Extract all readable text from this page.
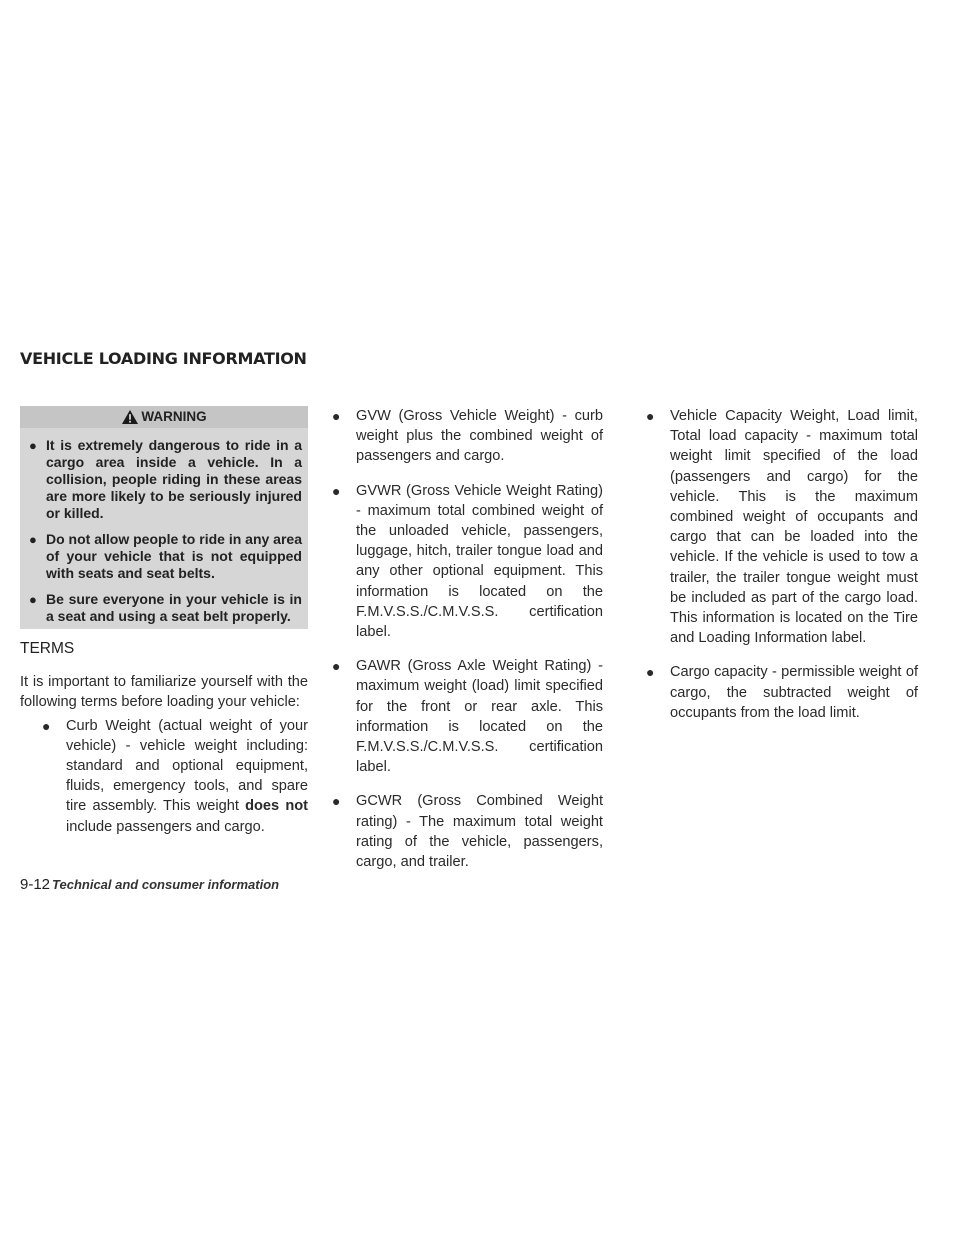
VEHICLE LOADING INFORMATION
WARNING
● It is extremely dangerous to ride in a cargo area inside a vehicle. In a collision, people riding in these areas are more likely to be seriously injured or killed.
● Do not allow people to ride in any area of your vehicle that is not equipped with seats and seat belts.
● Be sure everyone in your vehicle is in a seat and using a seat belt properly.
TERMS
It is important to familiarize yourself with the following terms before loading your vehicle:
● Curb Weight (actual weight of your vehicle) - vehicle weight including: standard and optional equipment, fluids, emergency tools, and spare tire assembly. This weight does not include passengers and cargo.
● GVW (Gross Vehicle Weight) - curb weight plus the combined weight of passengers and cargo.
● GVWR (Gross Vehicle Weight Rating) - maximum total combined weight of the unloaded vehicle, passengers, luggage, hitch, trailer tongue load and any other optional equipment. This information is located on the F.M.V.S.S./C.M.V.S.S. certification label.
● GAWR (Gross Axle Weight Rating) - maximum weight (load) limit specified for the front or rear axle. This information is located on the F.M.V.S.S./C.M.V.S.S. certification label.
● GCWR (Gross Combined Weight rating) - The maximum total weight rating of the vehicle, passengers, cargo, and trailer.
● Vehicle Capacity Weight, Load limit, Total load capacity - maximum total weight limit specified of the load (passengers and cargo) for the vehicle. This is the maximum combined weight of occupants and cargo that can be loaded into the vehicle. If the vehicle is used to tow a trailer, the trailer tongue weight must be included as part of the cargo load. This information is located on the Tire and Loading Information label.
● Cargo capacity - permissible weight of cargo, the subtracted weight of occupants from the load limit.
9-12 Technical and consumer information
